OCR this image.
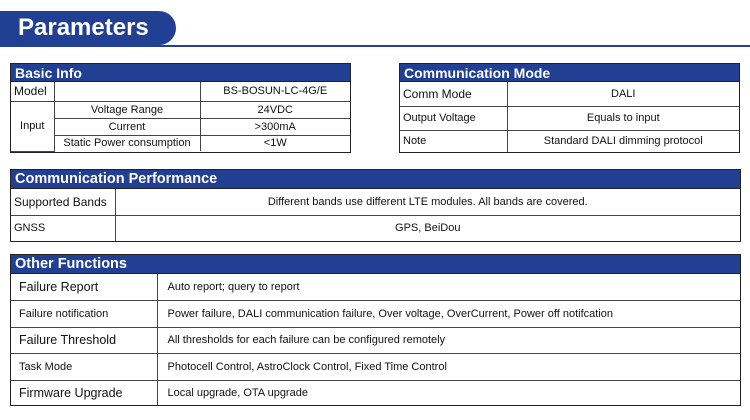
Parameters
Basic Info
Model		BS-BOSUN-LC-4G/E
Input	Voltage Range	24VDC
	Current	>300mA
	Static Power consumption	<1W
Communication Mode
Comm Mode	DALI
Output Voltage	Equals to input
Note	Standard DALI dimming protocol
Communication Performance
Supported Bands	Different bands use different LTE modules. All bands are covered.
GNSS	GPS, BeiDou
Other Functions
Failure Report	Auto report; query to report
Failure notification	Power failure, DALI communication failure, Over voltage, OverCurrent, Power off notifcation
Failure Threshold	All thresholds for each failure can be configured remotely
Task Mode	Photocell Control, AstroClock Control, Fixed Time Control
Firmware Upgrade	Local upgrade, OTA upgrade
